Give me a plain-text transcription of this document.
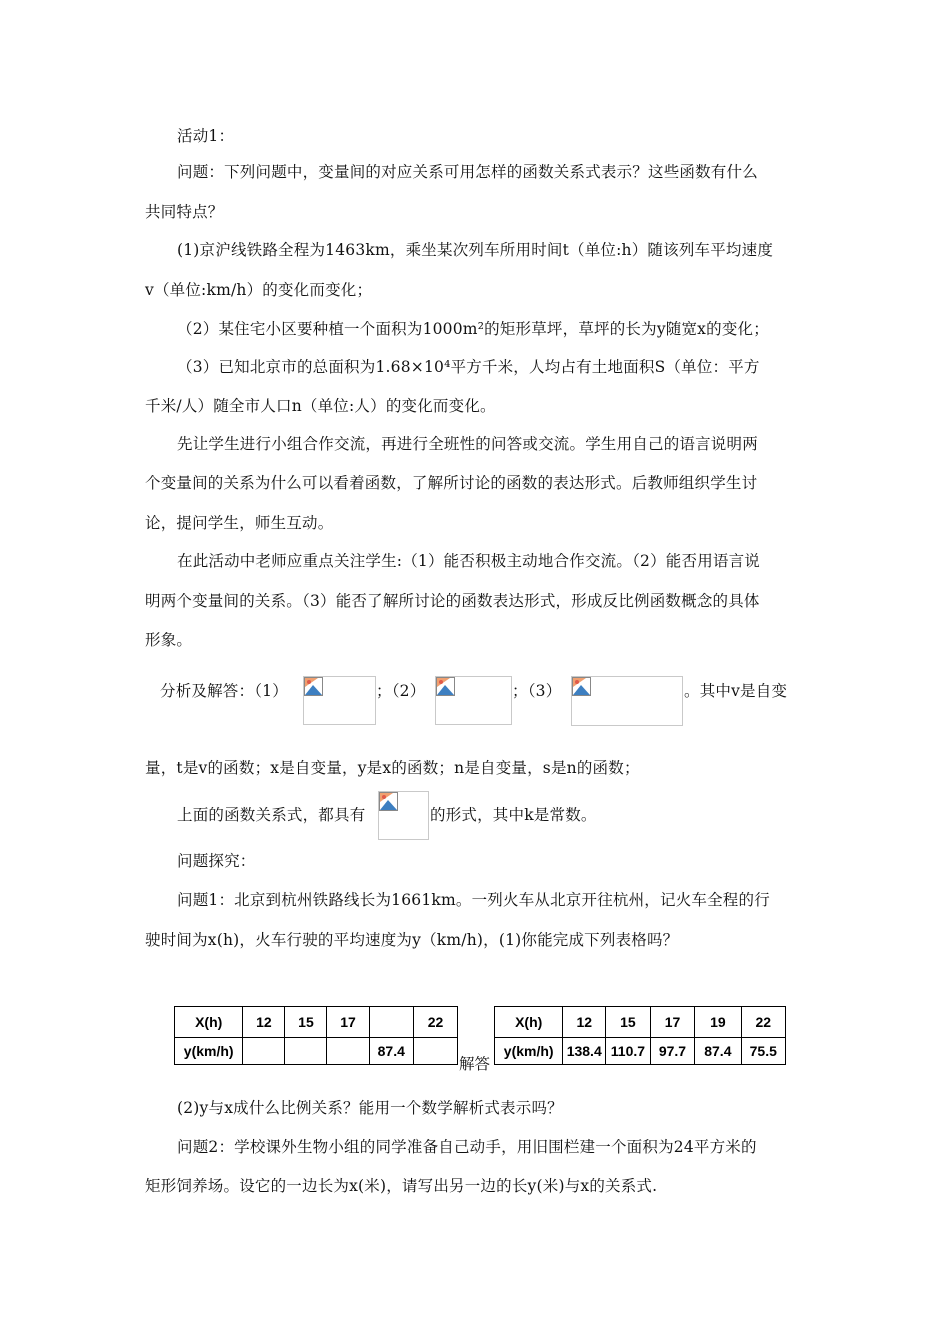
活动1：
问题：下列问题中，变量间的对应关系可用怎样的函数关系式表示？这些函数有什么
共同特点？
(1)京沪线铁路全程为1463km，乘坐某次列车所用时间t（单位:h）随该列车平均速度
v（单位:km/h）的变化而变化；
（2）某住宅小区要种植一个面积为1000m²的矩形草坪，草坪的长为y随宽x的变化；
（3）已知北京市的总面积为1.68×10⁴平方千米，人均占有土地面积S（单位：平方
千米/人）随全市人口n（单位:人）的变化而变化。
先让学生进行小组合作交流，再进行全班性的问答或交流。学生用自己的语言说明两
个变量间的关系为什么可以看着函数，了解所讨论的函数的表达形式。后教师组织学生讨
论，提问学生，师生互动。
在此活动中老师应重点关注学生:（1）能否积极主动地合作交流。（2）能否用语言说
明两个变量间的关系。（3）能否了解所讨论的函数表达形式，形成反比例函数概念的具体
形象。
分析及解答：（1）	；（2）	；（3）	。其中v是自变
量，t是v的函数；x是自变量，y是x的函数；n是自变量，s是n的函数；
上面的函数关系式，都具有	的形式，其中k是常数。
问题探究：
问题1：北京到杭州铁路线长为1661km。一列火车从北京开往杭州，记火车全程的行
驶时间为x(h)，火车行驶的平均速度为y（km/h)，(1)你能完成下列表格吗？
X(h)	12	15	17		22
y(km/h)				87.4	
解答
X(h)	12	15	17	19	22
y(km/h)	138.4	110.7	97.7	87.4	75.5
(2)y与x成什么比例关系？能用一个数学解析式表示吗？
问题2：学校课外生物小组的同学准备自己动手，用旧围栏建一个面积为24平方米的
矩形饲养场。设它的一边长为x(米)，请写出另一边的长y(米)与x的关系式.
